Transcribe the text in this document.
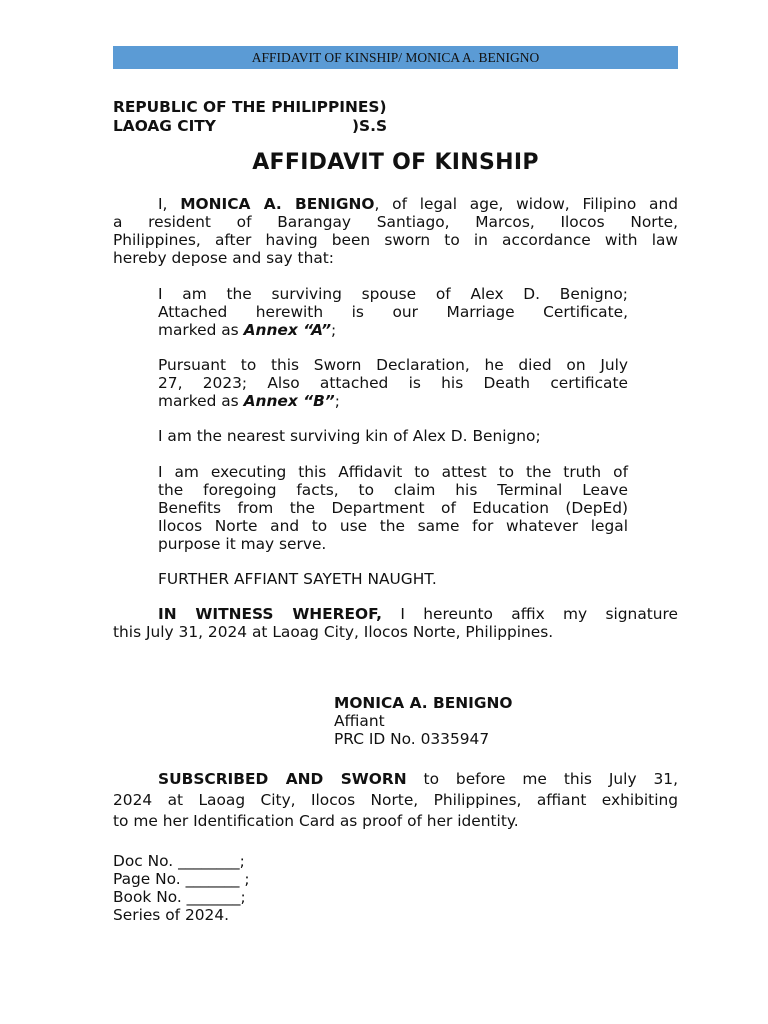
AFFIDAVIT OF KINSHIP/ MONICA A. BENIGNO
REPUBLIC OF THE PHILIPPINES)
LAOAG CITY	)S.S
AFFIDAVIT OF KINSHIP
I, MONICA A. BENIGNO, of legal age, widow, Filipino and
a resident of Barangay Santiago, Marcos, Ilocos Norte,
Philippines, after having been sworn to in accordance with law
hereby depose and say that:
I am the surviving spouse of Alex D. Benigno;
Attached herewith is our Marriage Certificate,
marked as Annex “A”;
Pursuant to this Sworn Declaration, he died on July
27, 2023; Also attached is his Death certificate
marked as Annex “B”;
I am the nearest surviving kin of Alex D. Benigno;
I am executing this Affidavit to attest to the truth of
the foregoing facts, to claim his Terminal Leave
Benefits from the Department of Education (DepEd)
Ilocos Norte and to use the same for whatever legal
purpose it may serve.
FURTHER AFFIANT SAYETH NAUGHT.
IN WITNESS WHEREOF, I hereunto affix my signature
this July 31, 2024 at Laoag City, Ilocos Norte, Philippines.
MONICA A. BENIGNO
Affiant
PRC ID No. 0335947
SUBSCRIBED AND SWORN to before me this July 31,
2024 at Laoag City, Ilocos Norte, Philippines, affiant exhibiting
to me her Identification Card as proof of her identity.
Doc No. ________;
Page No. _______ ;
Book No. _______;
Series of 2024.
